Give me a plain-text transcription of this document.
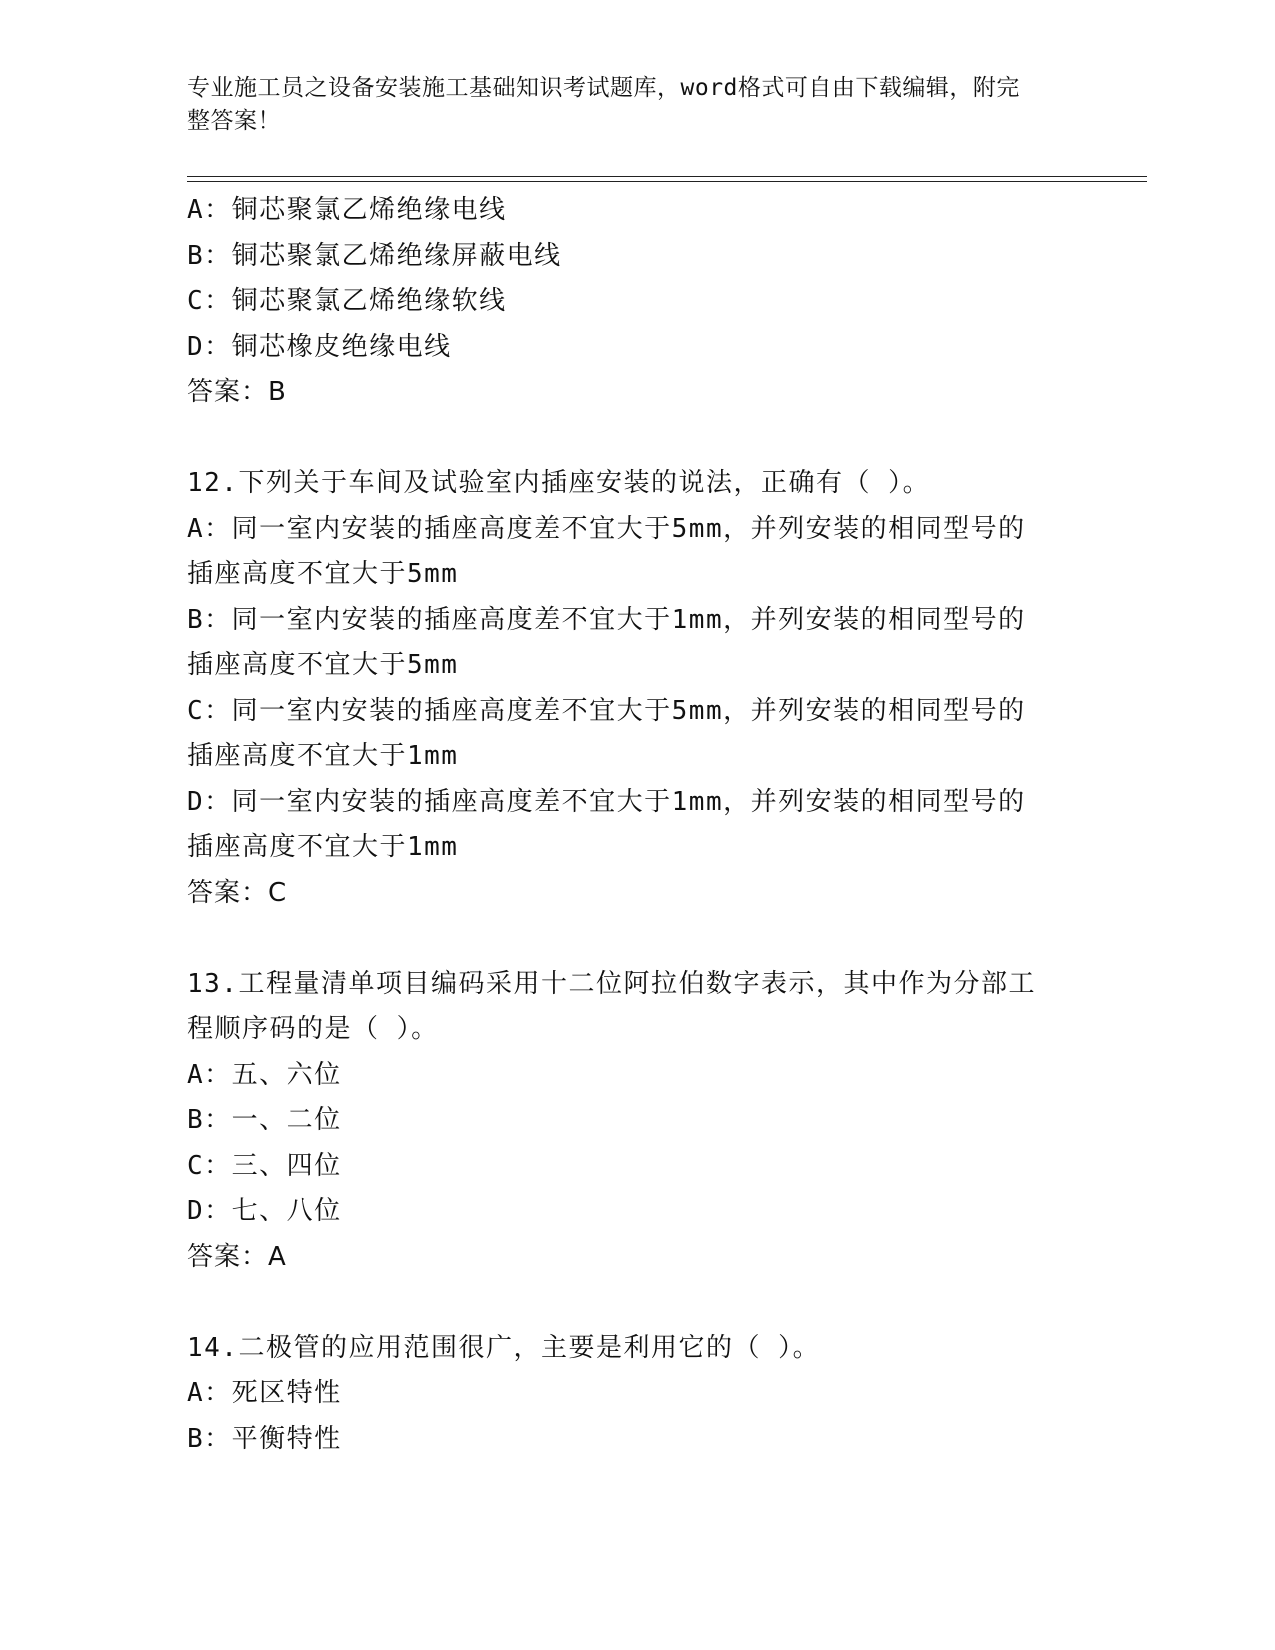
专业施工员之设备安装施工基础知识考试题库，word格式可自由下载编辑，附完
整答案！
A：铜芯聚氯乙烯绝缘电线
B：铜芯聚氯乙烯绝缘屏蔽电线
C：铜芯聚氯乙烯绝缘软线
D：铜芯橡皮绝缘电线
答案：B
12.下列关于车间及试验室内插座安装的说法，正确有（ ）。
A：同一室内安装的插座高度差不宜大于5mm，并列安装的相同型号的
插座高度不宜大于5mm
B：同一室内安装的插座高度差不宜大于1mm，并列安装的相同型号的
插座高度不宜大于5mm
C：同一室内安装的插座高度差不宜大于5mm，并列安装的相同型号的
插座高度不宜大于1mm
D：同一室内安装的插座高度差不宜大于1mm，并列安装的相同型号的
插座高度不宜大于1mm
答案：C
13.工程量清单项目编码采用十二位阿拉伯数字表示，其中作为分部工
程顺序码的是（ ）。
A：五、六位
B：一、二位
C：三、四位
D：七、八位
答案：A
14.二极管的应用范围很广，主要是利用它的（ ）。
A：死区特性
B：平衡特性
